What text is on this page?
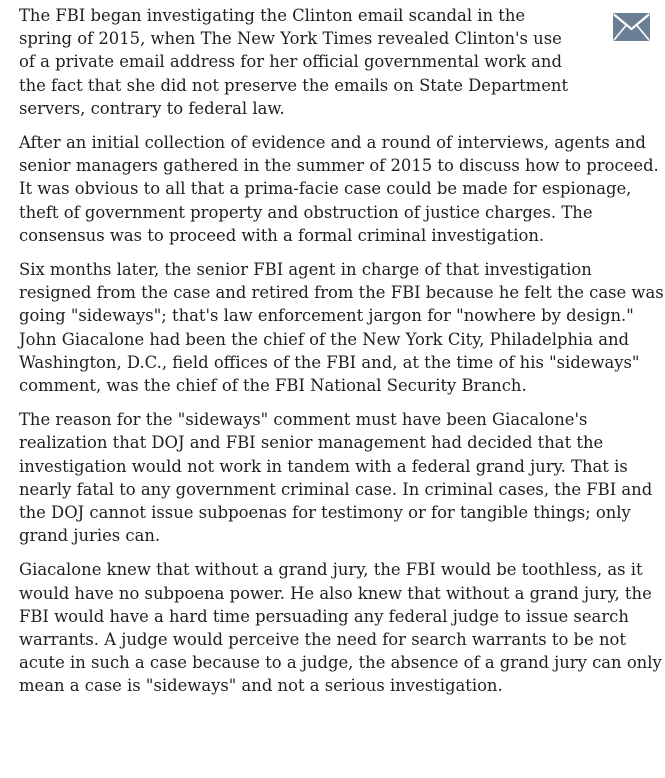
The FBI began investigating the Clinton email scandal in the spring of 2015, when The New York Times revealed Clinton's use of a private email address for her official governmental work and the fact that she did not preserve the emails on State Department servers, contrary to federal law.

After an initial collection of evidence and a round of interviews, agents and senior managers gathered in the summer of 2015 to discuss how to proceed. It was obvious to all that a prima-facie case could be made for espionage, theft of government property and obstruction of justice charges. The consensus was to proceed with a formal criminal investigation.

Six months later, the senior FBI agent in charge of that investigation resigned from the case and retired from the FBI because he felt the case was going "sideways"; that's law enforcement jargon for "nowhere by design." John Giacalone had been the chief of the New York City, Philadelphia and Washington, D.C., field offices of the FBI and, at the time of his "sideways" comment, was the chief of the FBI National Security Branch.

The reason for the "sideways" comment must have been Giacalone's realization that DOJ and FBI senior management had decided that the investigation would not work in tandem with a federal grand jury. That is nearly fatal to any government criminal case. In criminal cases, the FBI and the DOJ cannot issue subpoenas for testimony or for tangible things; only grand juries can.

Giacalone knew that without a grand jury, the FBI would be toothless, as it would have no subpoena power. He also knew that without a grand jury, the FBI would have a hard time persuading any federal judge to issue search warrants. A judge would perceive the need for search warrants to be not acute in such a case because to a judge, the absence of a grand jury can only mean a case is "sideways" and not a serious investigation.
